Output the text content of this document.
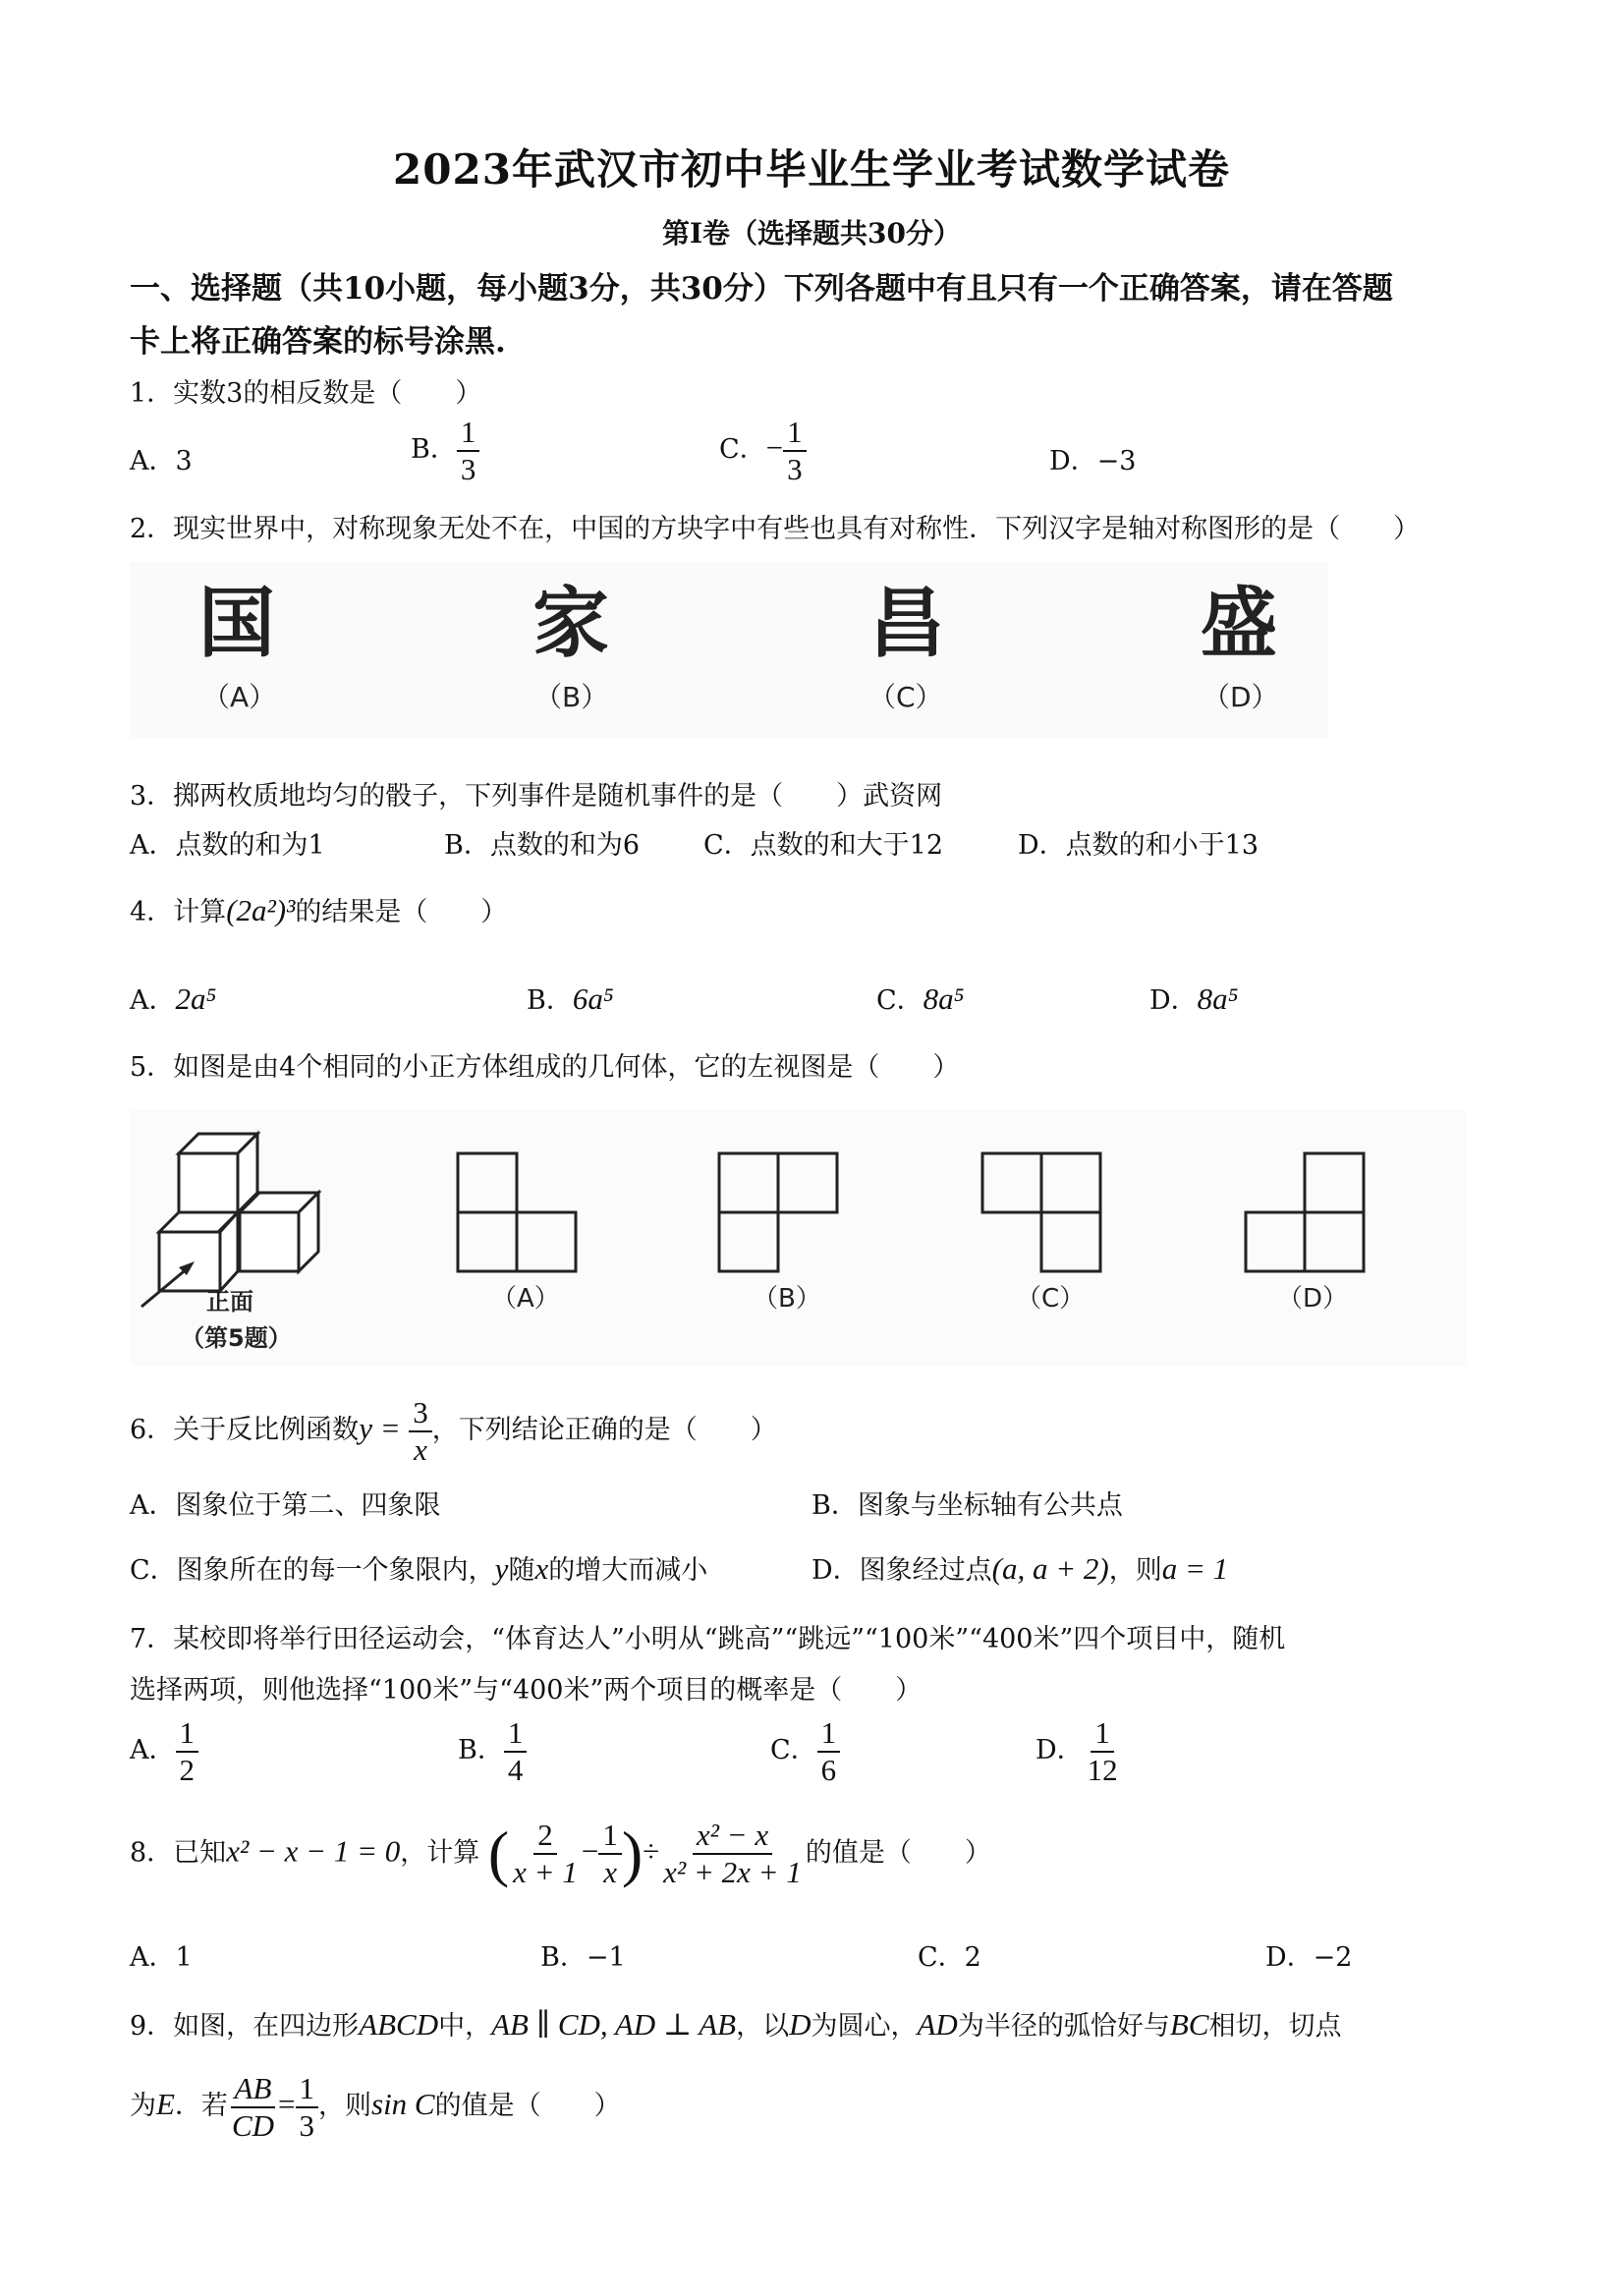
2023年武汉市初中毕业生学业考试数学试卷
第Ⅰ卷（选择题共30分）
一、选择题（共10小题，每小题3分，共30分）下列各题中有且只有一个正确答案，请在答题
卡上将正确答案的标号涂黑.
1．实数3的相反数是（　　）
A．3	B． $\frac{1}{3}$	C．− $\frac{1}{3}$	D．−3
2．现实世界中，对称现象无处不在，中国的方块字中有些也具有对称性．下列汉字是轴对称图形的是（　　）
国	家	昌	盛
（A）	（B）	（C）	（D）
3．掷两枚质地均匀的骰子，下列事件是随机事件的是（　　）武资网
A．点数的和为1	B．点数的和为6 C．点数的和大于12	D．点数的和小于13
4．计算(2a²)³的结果是（　　）
A．2a⁵	B．6a⁵	C．8a⁵	D．8a⁵
5．如图是由4个相同的小正方体组成的几何体，它的左视图是（　　）
正面
（第5题）
（A）	（B）	（C）	（D）
6．关于反比例函数$y = \frac{3}{x}$ ，下列结论正确的是（　　）
A．图象位于第二、四象限	B．图象与坐标轴有公共点
C．图象所在的每一个象限内，y随x的增大而减小	D．图象经过点(a, a + 2)，则a = 1
7．某校即将举行田径运动会，“体育达人”小明从“跳高”“跳远”“100米”“400米”四个项目中，随机
选择两项，则他选择“100米”与“400米”两个项目的概率是（　　）
A． $\frac{1}{2}$	B． $\frac{1}{4}$	C． $\frac{1}{6}$	D． $\frac{1}{12}$
8．已知x² − x − 1 = 0，计算 ( $\frac{2}{x + 1} - \frac{1}{x}$ )÷ $\frac{\text{x² − x}}{\text{x² + 2x + 1}}$ 的值是（　　）
A．1	B．−1	C．2	D．−2
9．如图，在四边形ABCD中，AB ∥ CD, AD ⊥ AB，以D为圆心，AD为半径的弧恰好与BC相切，切点
为E．若 $\frac{AB}{CD} = \frac{1}{3}$ ，则sin C的值是（　　）
